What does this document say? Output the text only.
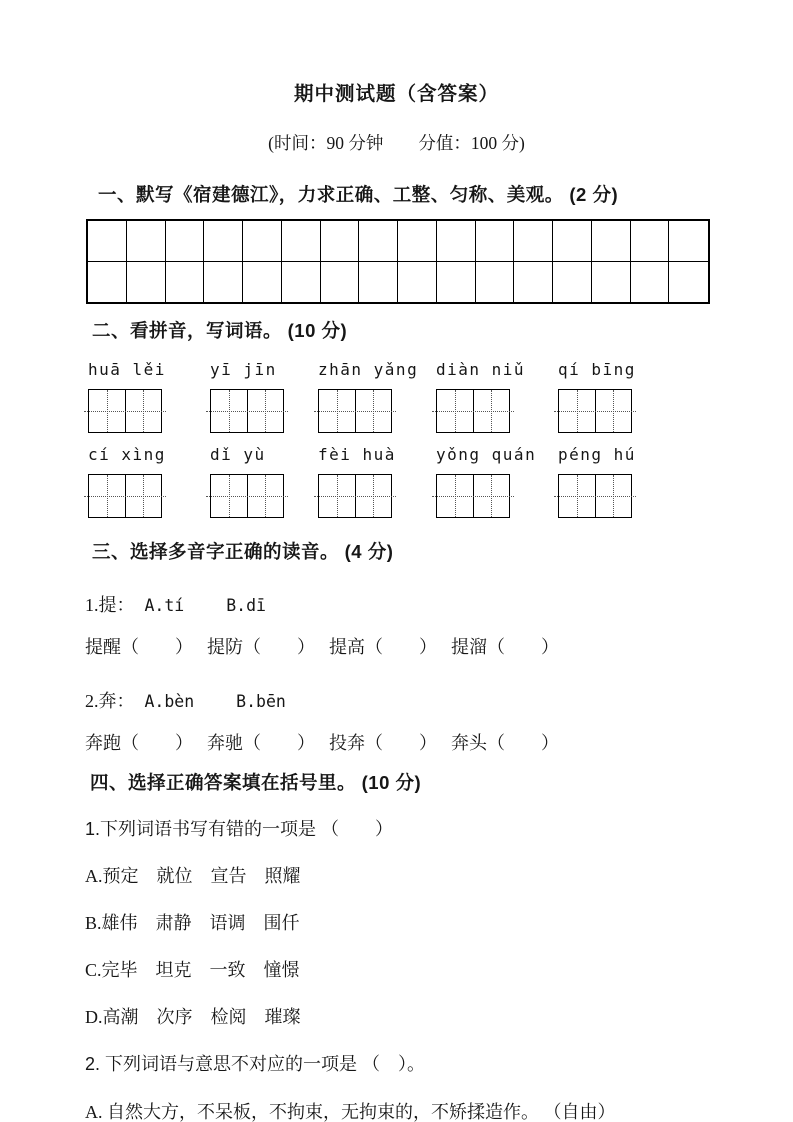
期中测试题（含答案）
(时间：90 分钟　　分值：100 分)
一、默写《宿建德江》，力求正确、工整、匀称、美观。 (2 分)
二、看拼音，写词语。 (10 分)
huā lěi	yī jīn	zhān yǎng	diàn niǔ	qí bīng
cí xìng	dǐ yù	fèi huà	yǒng quán	péng hú
三、选择多音字正确的读音。 (4 分)
1.提： A.tí	B.dī
提醒（　　） 提防（　　） 提高（　　） 提溜（　　）
2.奔： A.bèn	B.bēn
奔跑（　　） 奔驰（　　） 投奔（　　） 奔头（　　）
四、选择正确答案填在括号里。 (10 分)
1.下列词语书写有错的一项是 （　　）
A.预定　就位　宣告　照耀
B.雄伟　肃静　语调　围仟
C.完毕　坦克　一致　憧憬
D.高潮　次序　检阅　璀璨
2. 下列词语与意思不对应的一项是 （　）。
A. 自然大方，不呆板，不拘束，无拘束的，不矫揉造作。 （自由）
